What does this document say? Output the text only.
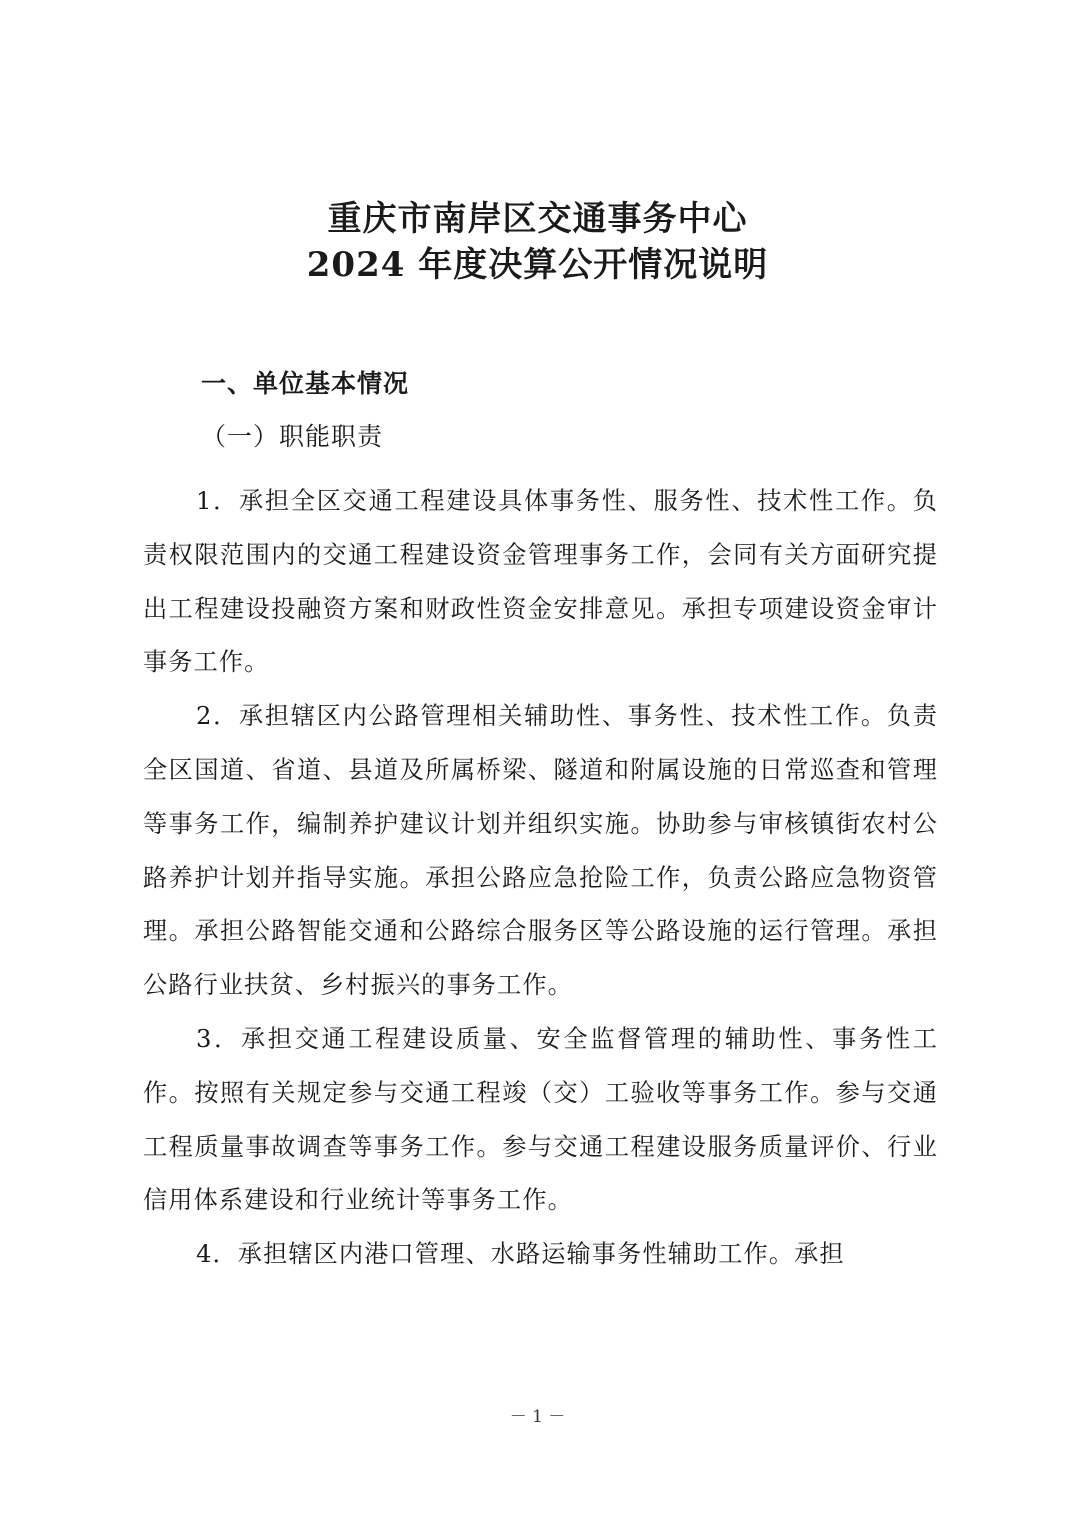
重庆市南岸区交通事务中心
2024 年度决算公开情况说明

一、单位基本情况

（一）职能职责

1．承担全区交通工程建设具体事务性、服务性、技术性工作。负责权限范围内的交通工程建设资金管理事务工作，会同有关方面研究提出工程建设投融资方案和财政性资金安排意见。承担专项建设资金审计事务工作。

2．承担辖区内公路管理相关辅助性、事务性、技术性工作。负责全区国道、省道、县道及所属桥梁、隧道和附属设施的日常巡查和管理等事务工作，编制养护建议计划并组织实施。协助参与审核镇街农村公路养护计划并指导实施。承担公路应急抢险工作，负责公路应急物资管理。承担公路智能交通和公路综合服务区等公路设施的运行管理。承担公路行业扶贫、乡村振兴的事务工作。

3．承担交通工程建设质量、安全监督管理的辅助性、事务性工作。按照有关规定参与交通工程竣（交）工验收等事务工作。参与交通工程质量事故调查等事务工作。参与交通工程建设服务质量评价、行业信用体系建设和行业统计等事务工作。

4．承担辖区内港口管理、水路运输事务性辅助工作。承担

－ 1 －
